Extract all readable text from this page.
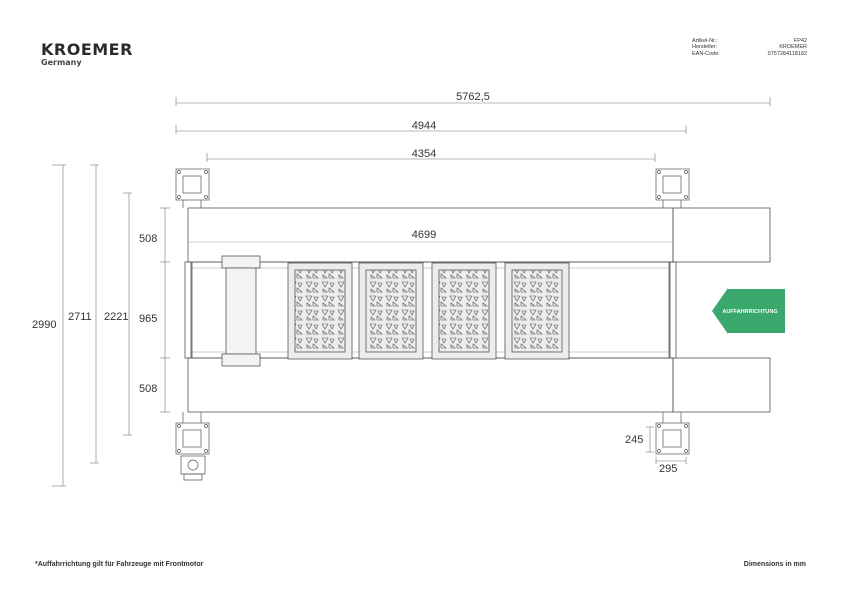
KROEMER
Germany
Artikel-Nr.:
Hersteller:
EAN-Code:
FP42
KROEMER
0757284118182
5762,5
4944
4354
2990
2711 2221
508
965
508
4699
245
295
AUFFAHRRICHTUNG
*Auffahrrichtung gilt für Fahrzeuge mit Frontmotor	Dimensions in mm
